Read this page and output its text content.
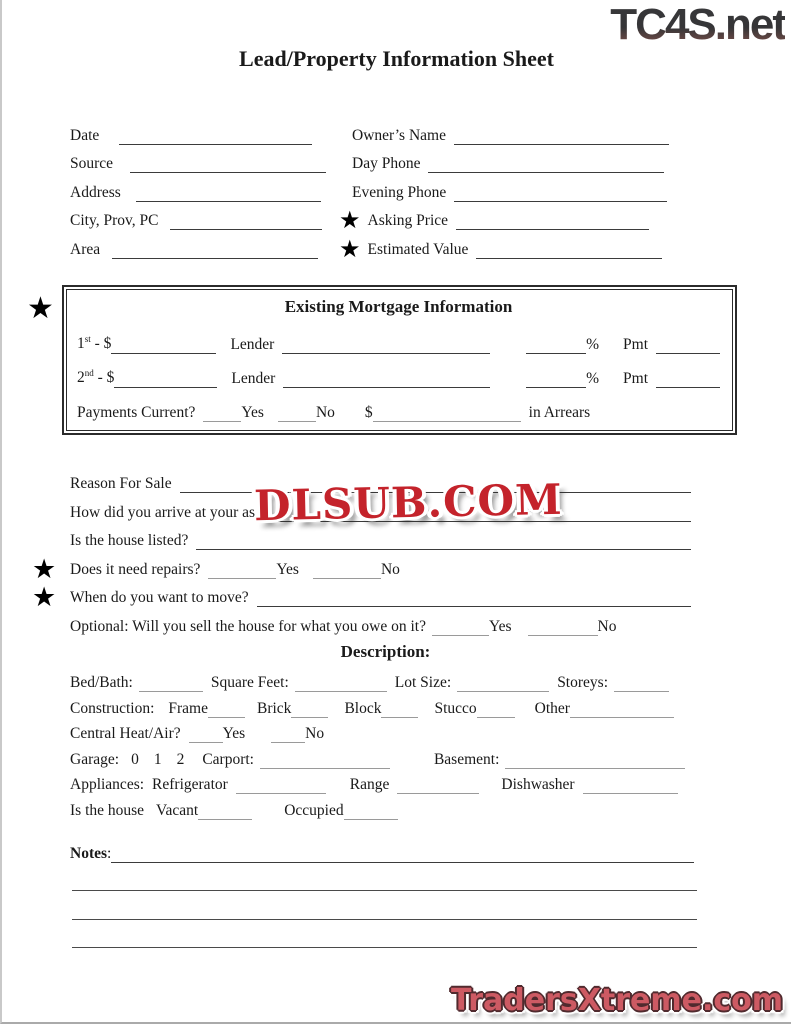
TC4S.net
Lead/Property Information Sheet
Date	Owner’s Name
Source	Day Phone
Address	Evening Phone
City, Prov, PC	★ Asking Price
Area	★ Estimated Value
★	Existing Mortgage Information
1st - $	Lender	% Pmt
2nd - $	Lender	% Pmt
Payments Current?	Yes	No $	in Arrears
Reason For Sale
How did you arrive at your as
Is the house listed?
★ Does it need repairs?	Yes	No
★ When do you want to move?
Optional: Will you sell the house for what you owe on it?	Yes	No
Description:
Bed/Bath:	Square Feet:	Lot Size:	Storeys:
Construction: Frame	Brick	Block	Stucco	Other
Central Heat/Air?	Yes	No
Garage: 0 1 2 Carport:	Basement:
Appliances: Refrigerator	Range	Dishwasher
Is the house Vacant	Occupied
Notes :
DLSUB.COM
TradersXtreme.com
